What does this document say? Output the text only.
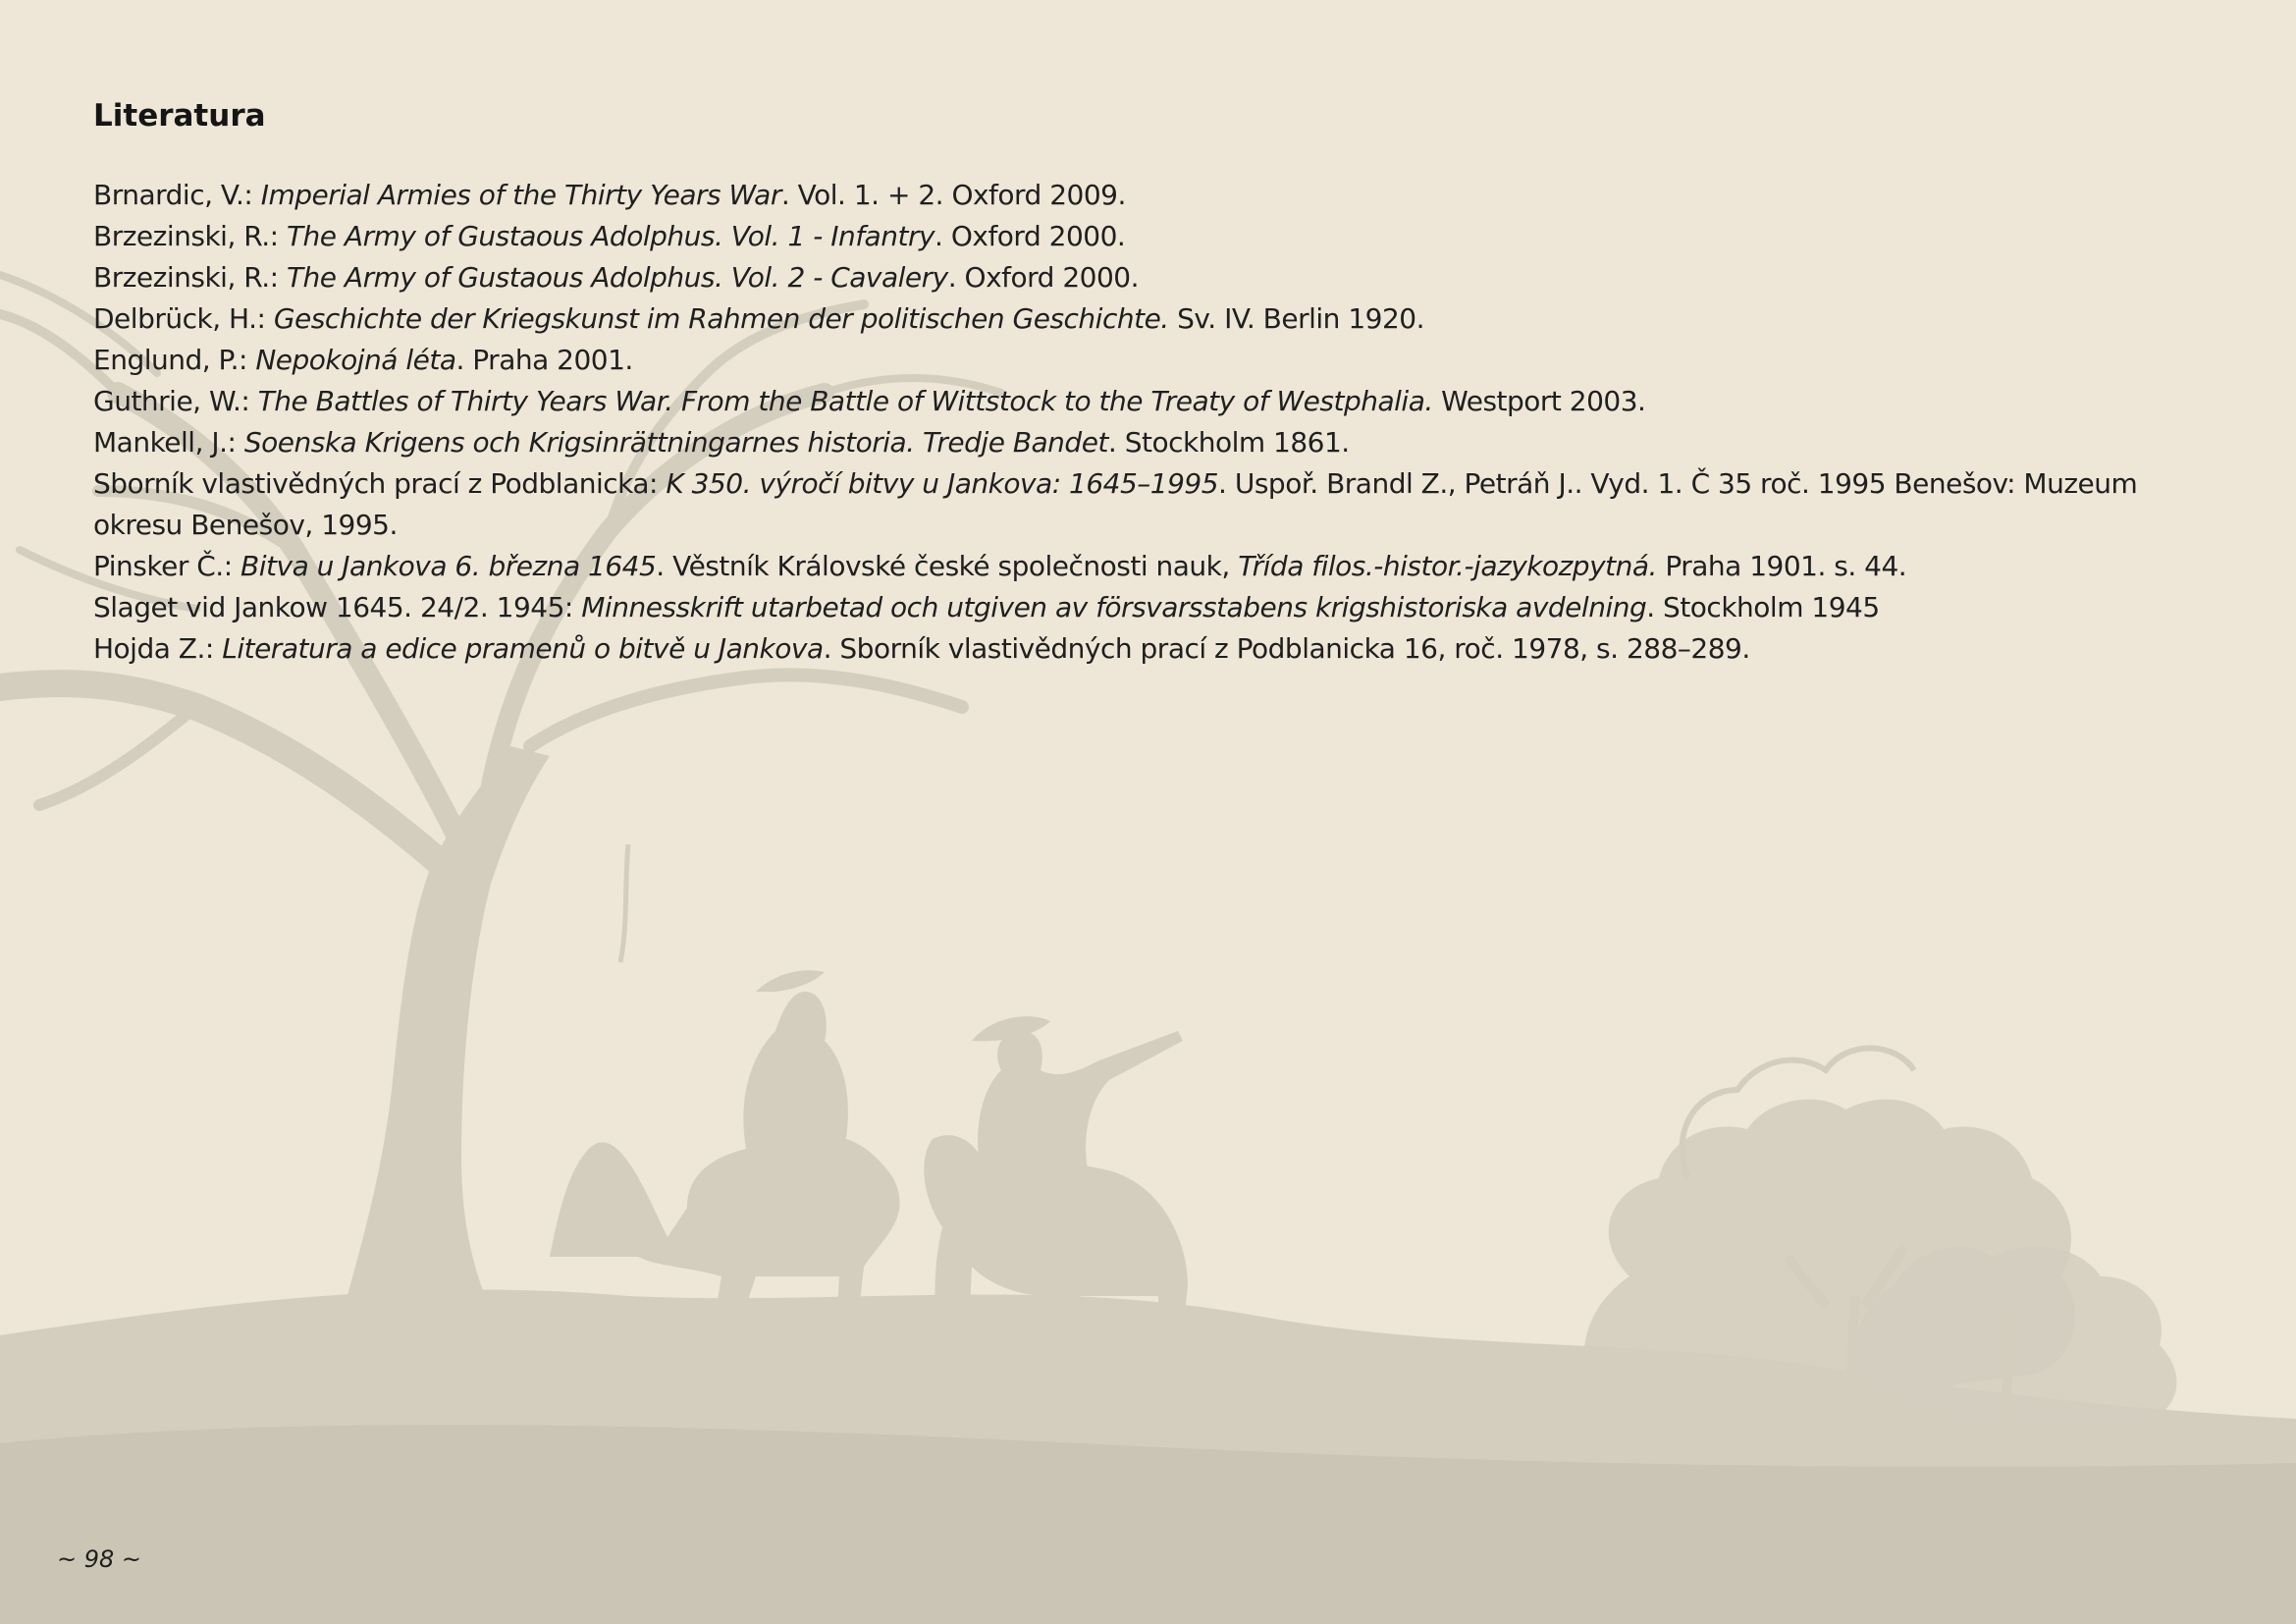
Literatura
Brnardic, V.: Imperial Armies of the Thirty Years War. Vol. 1. + 2. Oxford 2009.
Brzezinski, R.: The Army of Gustaous Adolphus. Vol. 1 - Infantry. Oxford 2000.
Brzezinski, R.: The Army of Gustaous Adolphus. Vol. 2 - Cavalery. Oxford 2000.
Delbrück, H.: Geschichte der Kriegskunst im Rahmen der politischen Geschichte. Sv. IV. Berlin 1920.
Englund, P.: Nepokojná léta. Praha 2001.
Guthrie, W.: The Battles of Thirty Years War. From the Battle of Wittstock to the Treaty of Westphalia. Westport 2003.
Mankell, J.: Soenska Krigens och Krigsinrättningarnes historia. Tredje Bandet. Stockholm 1861.
Sborník vlastivědných prací z Podblanicka: K 350. výročí bitvy u Jankova: 1645–1995. Uspoř. Brandl Z., Petráň J.. Vyd. 1. Č 35 roč. 1995 Benešov: Muzeum okresu Benešov, 1995.
Pinsker Č.: Bitva u Jankova 6. března 1645. Věstník Královské české společnosti nauk, Třída filos.-histor.-jazykozpytná. Praha 1901. s. 44.
Slaget vid Jankow 1645. 24/2. 1945: Minnesskrift utarbetad och utgiven av försvarsstabens krigshistoriska avdelning. Stockholm 1945
Hojda Z.: Literatura a edice pramenů o bitvě u Jankova. Sborník vlastivědných prací z Podblanicka 16, roč. 1978, s. 288–289.
~ 98 ~
